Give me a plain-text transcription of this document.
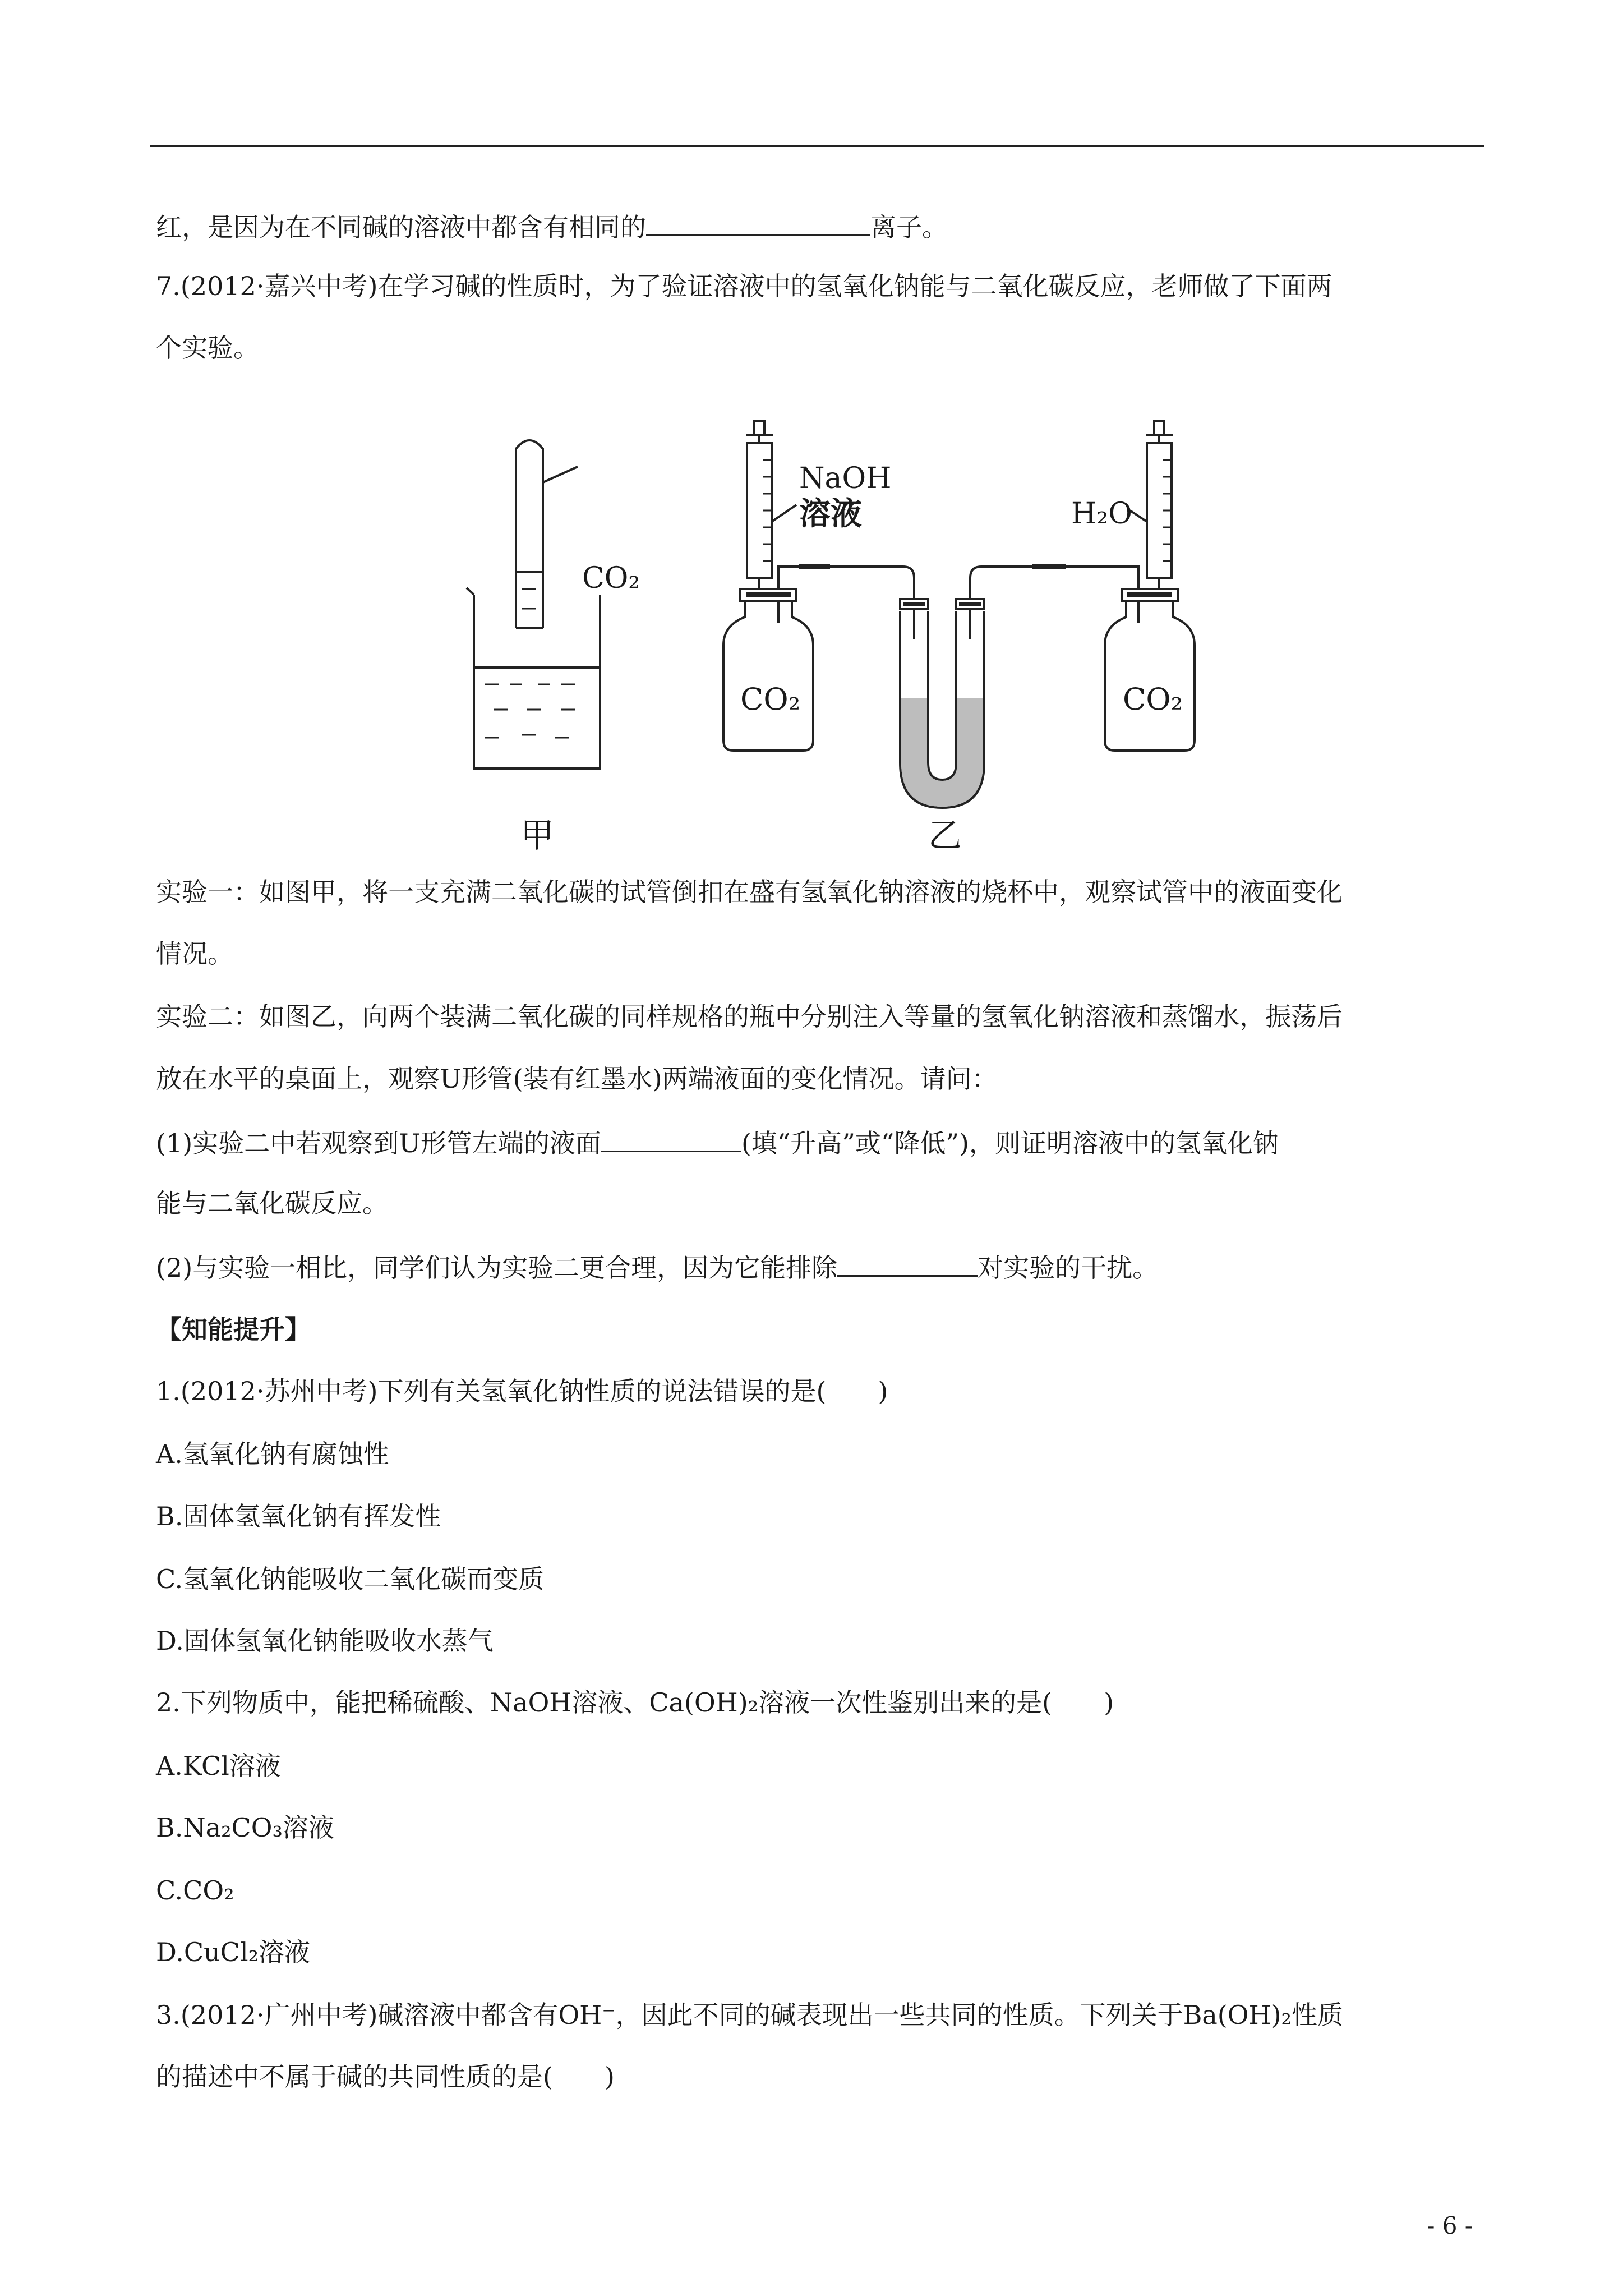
红，是因为在不同碱的溶液中都含有相同的	离子。
7.(2012·嘉兴中考)在学习碱的性质时，为了验证溶液中的氢氧化钠能与二氧化碳反应，老师做了下面两
个实验。
CO₂
NaOH
溶液	H₂O
CO₂	CO₂
甲	乙
实验一：如图甲，将一支充满二氧化碳的试管倒扣在盛有氢氧化钠溶液的烧杯中，观察试管中的液面变化
情况。
实验二：如图乙，向两个装满二氧化碳的同样规格的瓶中分别注入等量的氢氧化钠溶液和蒸馏水，振荡后
放在水平的桌面上，观察U形管(装有红墨水)两端液面的变化情况。请问：
(1)实验二中若观察到U形管左端的液面	(填“升高”或“降低”)，则证明溶液中的氢氧化钠
能与二氧化碳反应。
(2)与实验一相比，同学们认为实验二更合理，因为它能排除	对实验的干扰。
【知能提升】
1.(2012·苏州中考)下列有关氢氧化钠性质的说法错误的是(　　)
A.氢氧化钠有腐蚀性
B.固体氢氧化钠有挥发性
C.氢氧化钠能吸收二氧化碳而变质
D.固体氢氧化钠能吸收水蒸气
2.下列物质中，能把稀硫酸、NaOH溶液、Ca(OH)₂溶液一次性鉴别出来的是(　　)
A.KCl溶液
B.Na₂CO₃溶液
C.CO₂
D.CuCl₂溶液
3.(2012·广州中考)碱溶液中都含有OH⁻，因此不同的碱表现出一些共同的性质。下列关于Ba(OH)₂性质
的描述中不属于碱的共同性质的是(　　)
- 6 -
